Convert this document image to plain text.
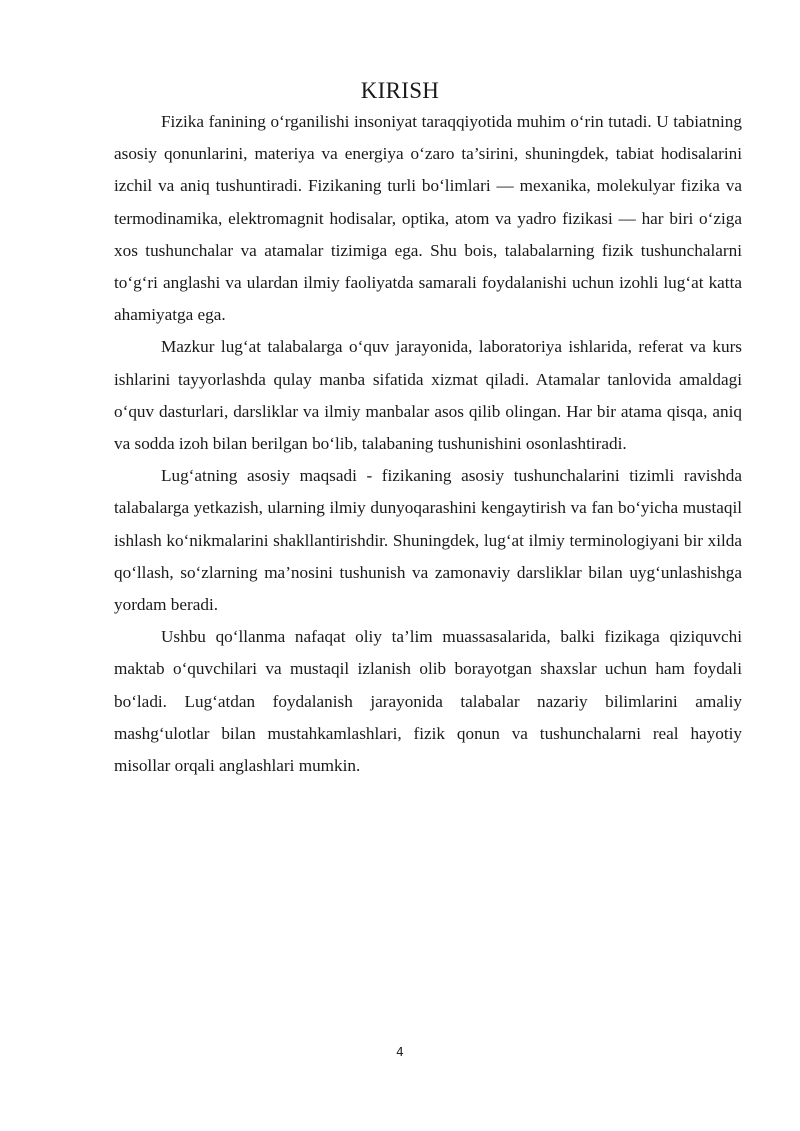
KIRISH

Fizika fanining o‘rganilishi insoniyat taraqqiyotida muhim o‘rin tutadi. U tabiatning asosiy qonunlarini, materiya va energiya o‘zaro ta’sirini, shuningdek, tabiat hodisalarini izchil va aniq tushuntiradi. Fizikaning turli bo‘limlari — mexanika, molekulyar fizika va termodinamika, elektromagnit hodisalar, optika, atom va yadro fizikasi — har biri o‘ziga xos tushunchalar va atamalar tizimiga ega. Shu bois, talabalarning fizik tushunchalarni to‘g‘ri anglashi va ulardan ilmiy faoliyatda samarali foydalanishi uchun izohli lug‘at katta ahamiyatga ega.

Mazkur lug‘at talabalarga o‘quv jarayonida, laboratoriya ishlarida, referat va kurs ishlarini tayyorlashda qulay manba sifatida xizmat qiladi. Atamalar tanlovida amaldagi o‘quv dasturlari, darsliklar va ilmiy manbalar asos qilib olingan. Har bir atama qisqa, aniq va sodda izoh bilan berilgan bo‘lib, talabaning tushunishini osonlashtiradi.

Lug‘atning asosiy maqsadi - fizikaning asosiy tushunchalarini tizimli ravishda talabalarga yetkazish, ularning ilmiy dunyoqarashini kengaytirish va fan bo‘yicha mustaqil ishlash ko‘nikmalarini shakllantirishdir. Shuningdek, lug‘at ilmiy terminologiyani bir xilda qo‘llash, so‘zlarning ma’nosini tushunish va zamonaviy darsliklar bilan uyg‘unlashishga yordam beradi.

Ushbu qo‘llanma nafaqat oliy ta’lim muassasalarida, balki fizikaga qiziquvchi maktab o‘quvchilari va mustaqil izlanish olib borayotgan shaxslar uchun ham foydali bo‘ladi. Lug‘atdan foydalanish jarayonida talabalar nazariy bilimlarini amaliy mashg‘ulotlar bilan mustahkamlashlari, fizik qonun va tushunchalarni real hayotiy misollar orqali anglashlari mumkin.

4
